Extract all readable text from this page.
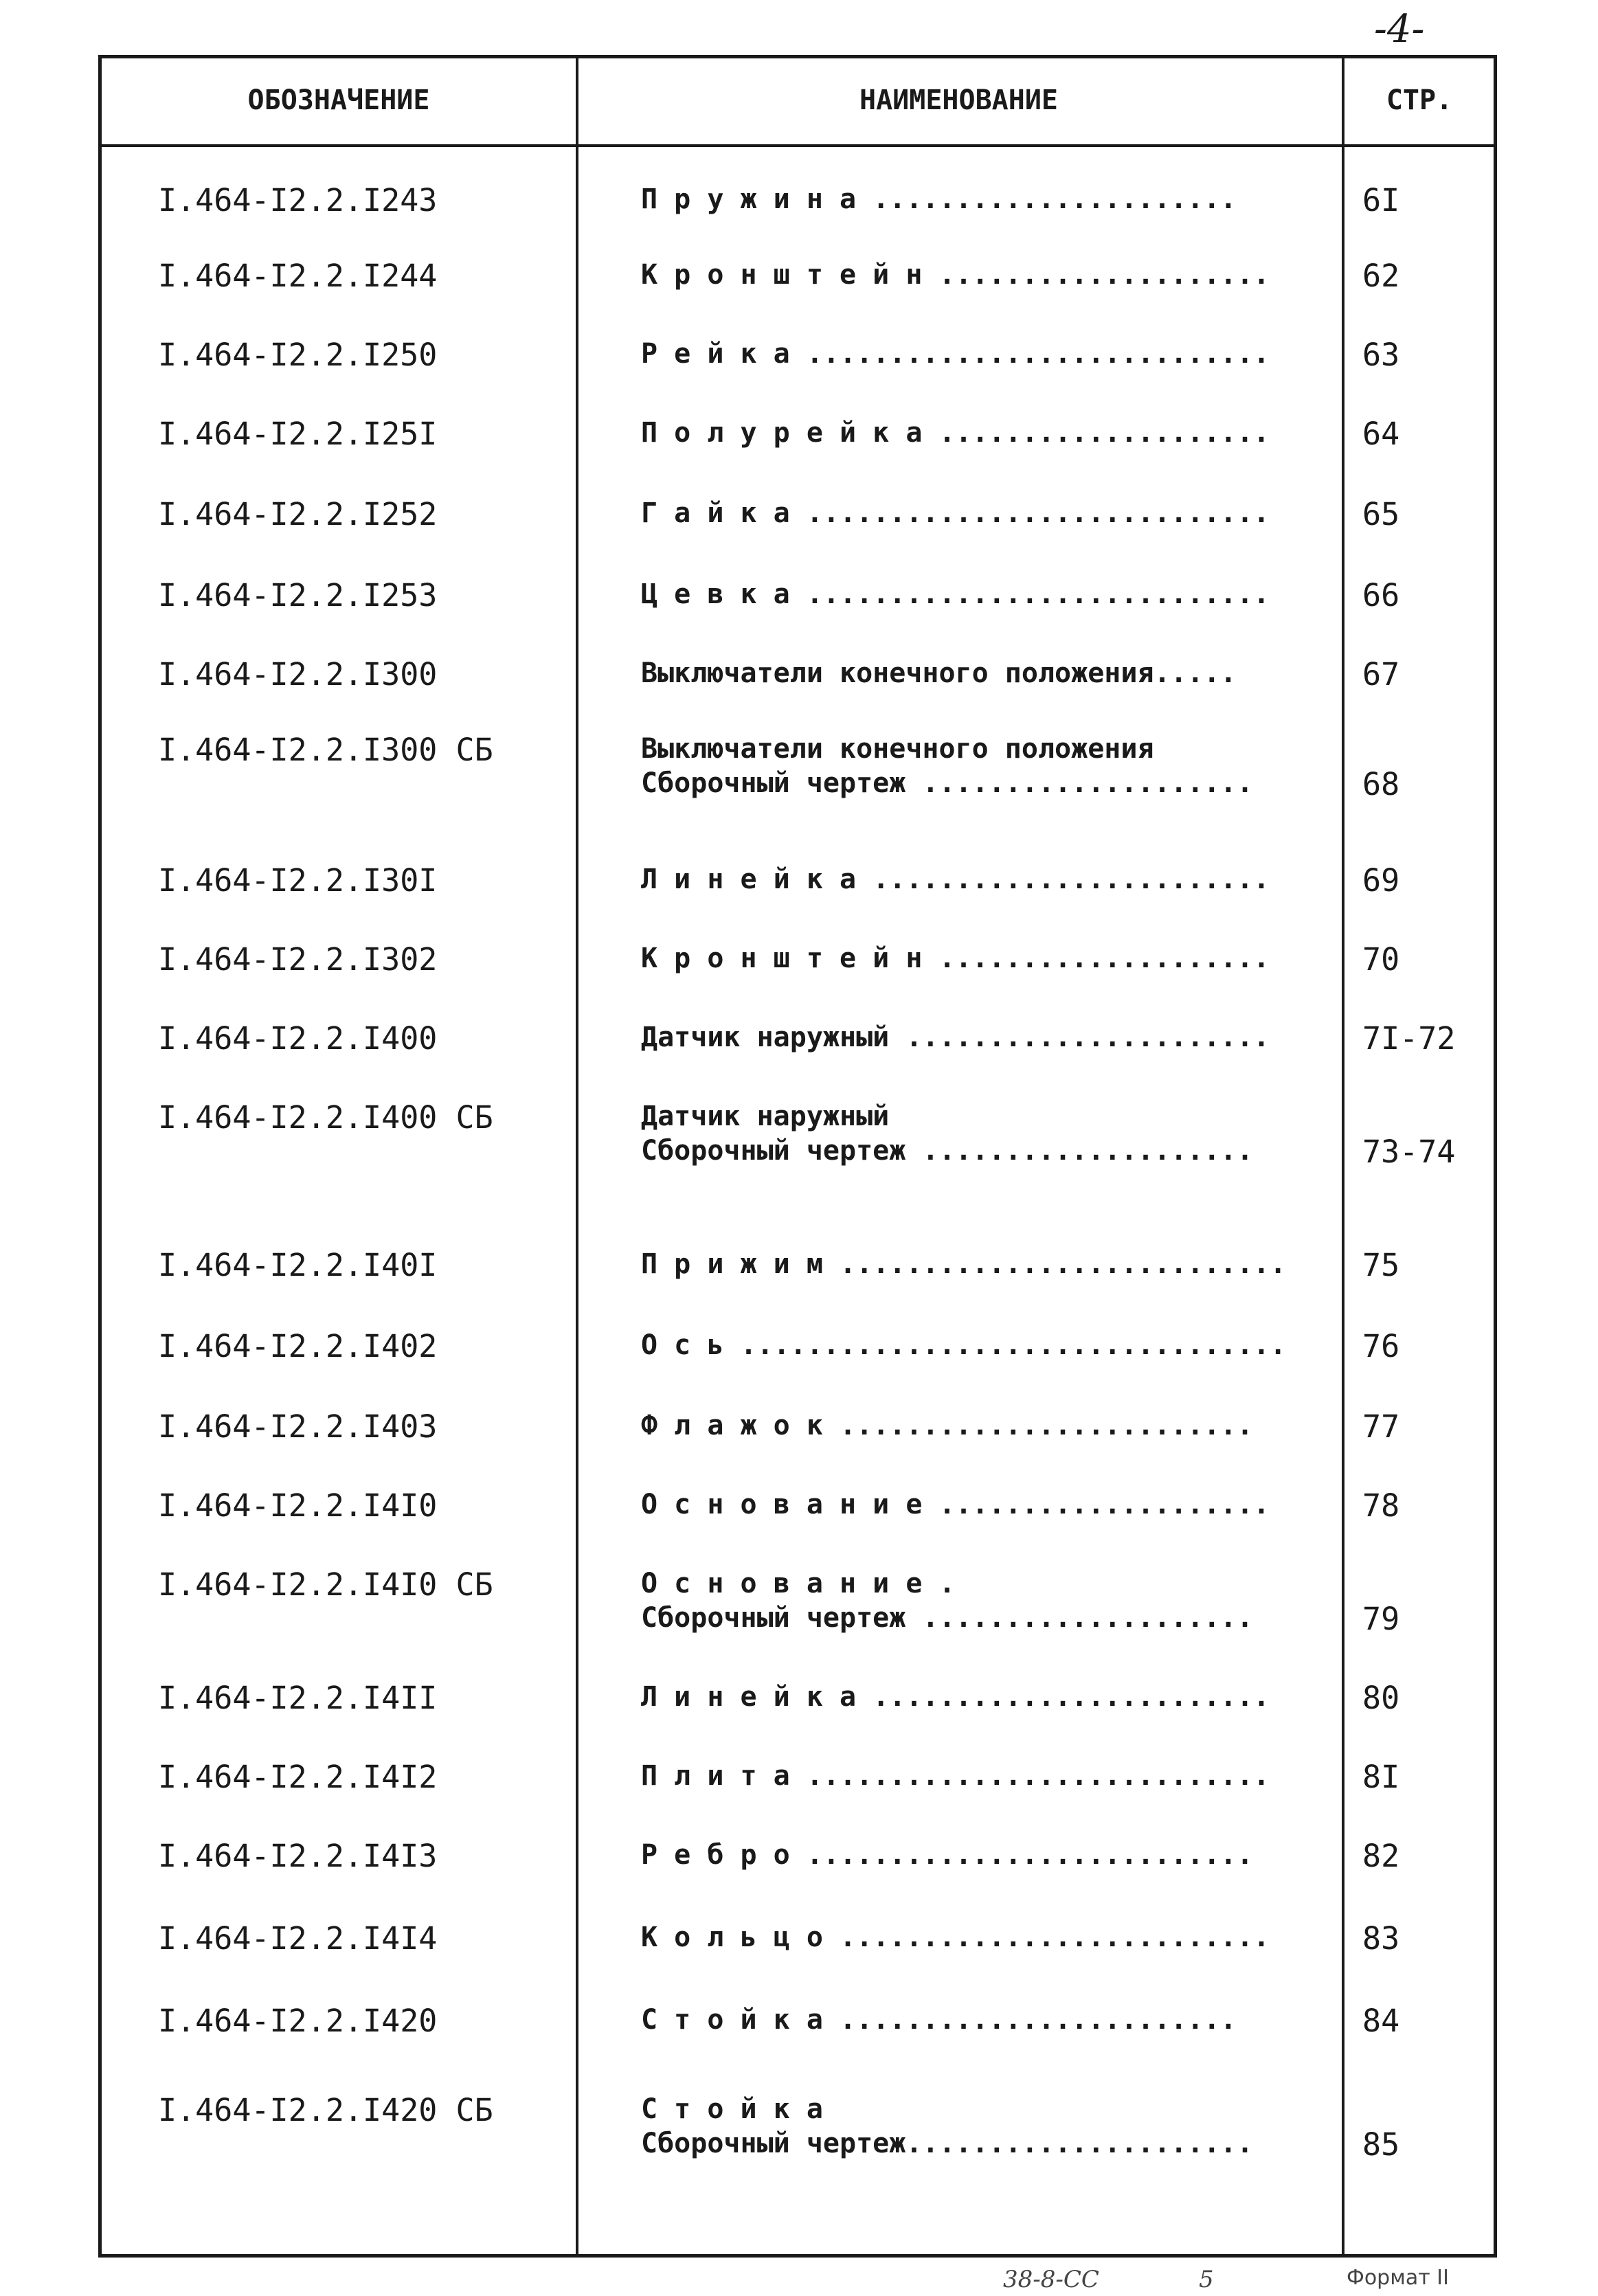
-4-
ОБОЗНАЧЕНИЕ	НАИМЕНОВАНИЕ	СТР.
I.464-I2.2.I243	П р у ж и н а ......................	6I
I.464-I2.2.I244	К р о н ш т е й н ....................	62
I.464-I2.2.I250	Р е й к а ............................	63
I.464-I2.2.I25I	П о л у р е й к а ....................	64
I.464-I2.2.I252	Г а й к а ............................	65
I.464-I2.2.I253	Ц е в к а ............................	66
I.464-I2.2.I300	Выключатели конечного положения.....	67
I.464-I2.2.I300 СБ	Выключатели конечного положения
Сборочный чертеж ....................	68
I.464-I2.2.I30I	Л и н е й к а ........................	69
I.464-I2.2.I302	К р о н ш т е й н ....................	70
I.464-I2.2.I400	Датчик наружный ......................	7I-72
I.464-I2.2.I400 СБ	Датчик наружный
Сборочный чертеж ....................	73-74
I.464-I2.2.I40I	П р и ж и м ...........................	75
I.464-I2.2.I402	О с ь .................................	76
I.464-I2.2.I403	Ф л а ж о к .........................	77
I.464-I2.2.I4I0	О с н о в а н и е ....................	78
I.464-I2.2.I4I0 СБ	О с н о в а н и е .
Сборочный чертеж ....................	79
I.464-I2.2.I4II	Л и н е й к а ........................	80
I.464-I2.2.I4I2	П л и т а ............................	8I
I.464-I2.2.I4I3	Р е б р о ...........................	82
I.464-I2.2.I4I4	К о л ь ц о ..........................	83
I.464-I2.2.I420	С т о й к а ........................	84
I.464-I2.2.I420 СБ	С т о й к а
Сборочный чертеж.....................	85
38-8-СС	5	Формат II
